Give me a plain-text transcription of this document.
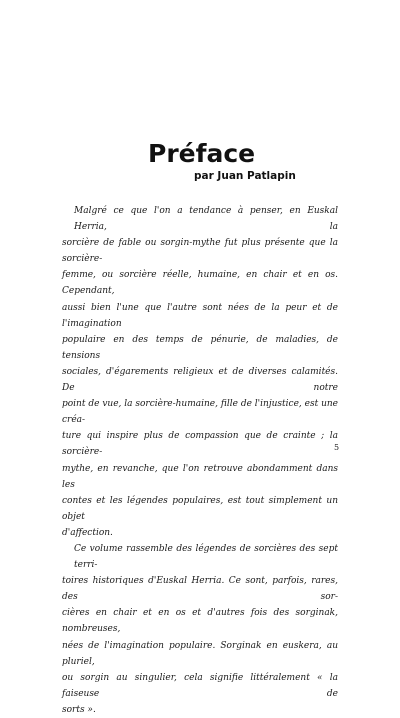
Préface
par Juan Patlapin
Malgré ce que l'on a tendance à penser, en Euskal Herria, la
sorcière de fable ou sorgin-mythe fut plus présente que la sorcière-
femme, ou sorcière réelle, humaine, en chair et en os. Cependant,
aussi bien l'une que l'autre sont nées de la peur et de l'imagination
populaire en des temps de pénurie, de maladies, de tensions
sociales, d'égarements religieux et de diverses calamités. De notre
point de vue, la sorcière-humaine, fille de l'injustice, est une créa-
ture qui inspire plus de compassion que de crainte ; la sorcière-
mythe, en revanche, que l'on retrouve abondamment dans les
contes et les légendes populaires, est tout simplement un objet
d'affection.
Ce volume rassemble des légendes de sorcières des sept terri-
toires historiques d'Euskal Herria. Ce sont, parfois, rares, des sor-
cières en chair et en os et d'autres fois des sorginak, nombreuses,
nées de l'imagination populaire. Sorginak en euskera, au pluriel,
ou sorgin au singulier, cela signifie littéralement « la faiseuse de
sorts ».
5
